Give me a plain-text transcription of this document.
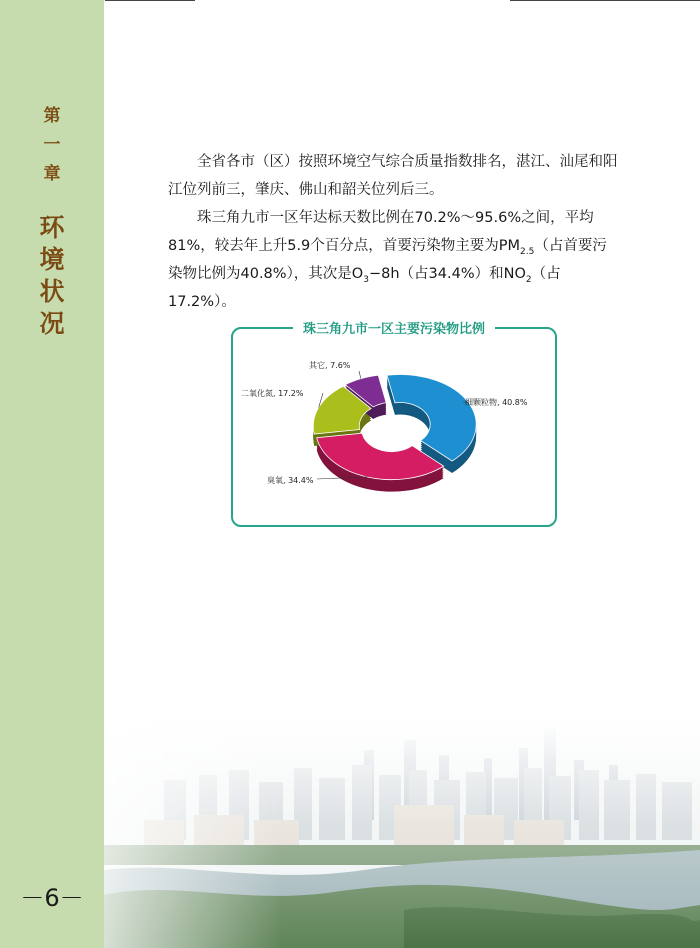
第
一
章
环
境
状
况
－6－

全省各市（区）按照环境空气综合质量指数排名，湛江、汕尾和阳江位列前三，肇庆、佛山和韶关位列后三。

珠三角九市一区年达标天数比例在70.2%～95.6%之间，平均81%，较去年上升5.9个百分点，首要污染物主要为$PM_{2.5}$（占首要污染物比例为40.8%），其次是$O_3-8h$（占34.4%）和$NO_2$（占17.2%）。

珠三角九市一区主要污染物比例
细颗粒物, 40.8%
臭氧, 34.4%
二氧化氮, 17.2%
其它, 7.6%
